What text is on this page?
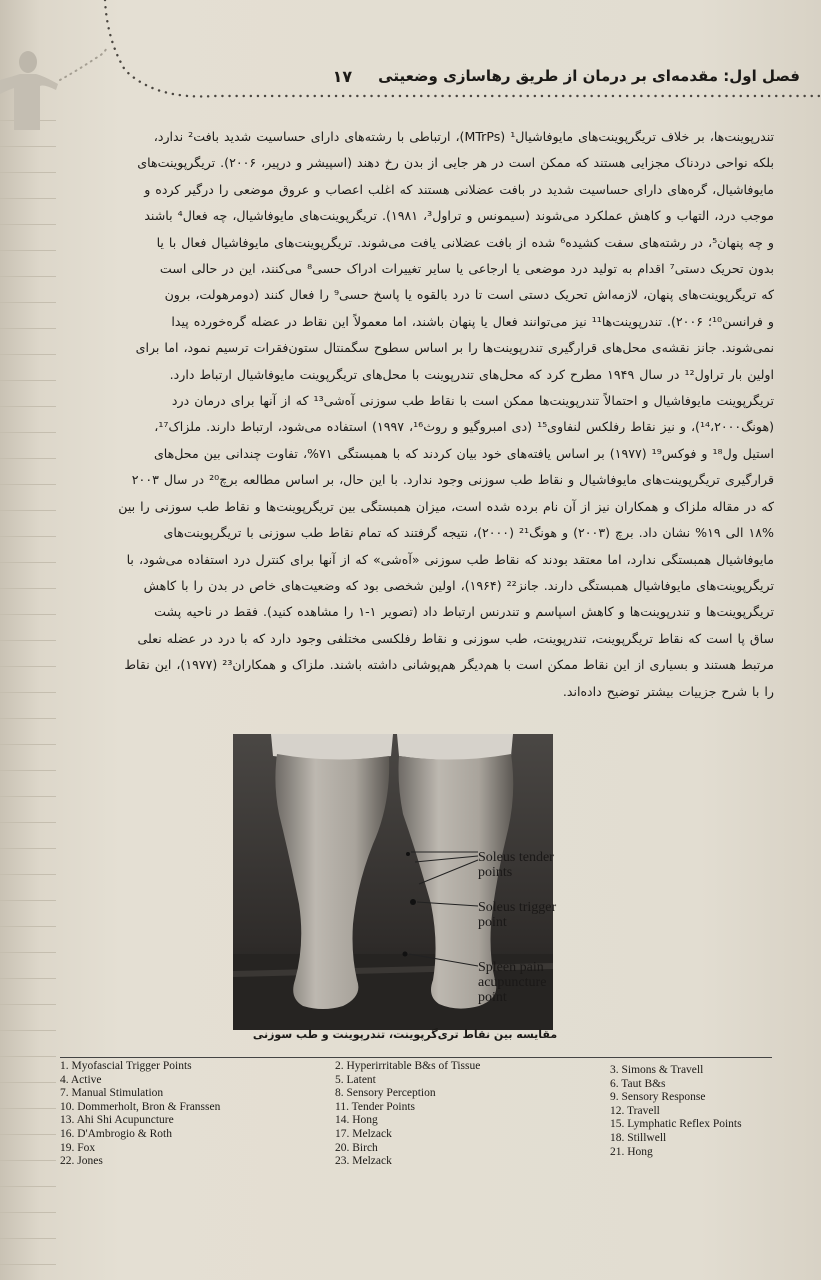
فصل اول: مقدمه‌ای بر درمان از طریق رهاسازی وضعیتی
۱۷

تندرپوینت‌ها، بر خلاف تریگرپوینت‌های مایوفاشیال¹ (MTrPs)، ارتباطی با رشته‌های دارای حساسیت شدید بافت² ندارد،

بلکه نواحی دردناک مجزایی هستند که ممکن است در هر جایی از بدن رخ دهند (اسپیشر و درپیر، ۲۰۰۶). تریگرپوینت‌های

مایوفاشیال، گره‌های دارای حساسیت شدید در بافت عضلانی هستند که اغلب اعصاب و عروق موضعی را درگیر کرده و

موجب درد، التهاب و کاهش عملکرد می‌شوند (سیمونس و تراول³، ۱۹۸۱). تریگرپوینت‌های مایوفاشیال، چه فعال⁴ باشند

و چه پنهان⁵، در رشته‌های سفت کشیده⁶ شده از بافت عضلانی یافت می‌شوند. تریگرپوینت‌های مایوفاشیال فعال با یا

بدون تحریک دستی⁷ اقدام به تولید درد موضعی یا ارجاعی یا سایر تغییرات ادراک حسی⁸ می‌کنند، این در حالی است

که تریگرپوینت‌های پنهان، لازمه‌اش تحریک دستی است تا درد بالقوه یا پاسخ حسی⁹ را فعال کنند (دومرهولت، برون

و فرانسن¹⁰؛ ۲۰۰۶). تندرپوینت‌ها¹¹ نیز می‌توانند فعال یا پنهان باشند، اما معمولاً این نقاط در عضله گره‌خورده پیدا

نمی‌شوند. جانز نقشه‌ی محل‌های قرارگیری تندرپوینت‌ها را بر اساس سطوح سگمنتال ستون‌فقرات ترسیم نمود، اما برای

اولین بار تراول¹² در سال ۱۹۴۹ مطرح کرد که محل‌های تندرپوینت با محل‌های تریگرپوینت مایوفاشیال ارتباط دارد.

تریگرپوینت مایوفاشیال و احتمالاً تندرپوینت‌ها ممکن است با نقاط طب سوزنی آه‌شی¹³ که از آنها برای درمان درد

(هونگ¹⁴،۲۰۰۰)، و نیز نقاط رفلکس لنفاوی¹⁵ (دی امبروگیو و روث¹⁶، ۱۹۹۷) استفاده می‌شود، ارتباط دارند. ملزاک¹⁷،

استیل ول¹⁸ و فوکس¹⁹ (۱۹۷۷) بر اساس یافته‌های خود بیان کردند که با همبستگی ۷۱%، تفاوت چندانی بین محل‌های

قرارگیری تریگرپوینت‌های مایوفاشیال و نقاط طب سوزنی وجود ندارد. با این حال، بر اساس مطالعه برچ²⁰ در سال ۲۰۰۳

که در مقاله ملزاک و همکاران نیز از آن نام برده شده است، میزان همبستگی بین تریگرپوینت‌ها و نقاط طب سوزنی را بین

۱۸% الی ۱۹% نشان داد. برچ (۲۰۰۳) و هونگ²¹ (۲۰۰۰)، نتیجه گرفتند که تمام نقاط طب سوزنی با تریگرپوینت‌های

مایوفاشیال همبستگی ندارد، اما معتقد بودند که نقاط طب سوزنی «آه‌شی» که از آنها برای کنترل درد استفاده می‌شود، با

تریگرپوینت‌های مایوفاشیال همبستگی دارند. جانز²² (۱۹۶۴)، اولین شخصی بود که وضعیت‌های خاص در بدن را با کاهش

تریگرپوینت‌ها و تندرپوینت‌ها و کاهش اسپاسم و تندرنس ارتباط داد (تصویر ۱-۱ را مشاهده کنید). فقط در ناحیه پشت

ساق پا است که نقاط تریگرپوینت، تندرپوینت، طب سوزنی و نقاط رفلکسی مختلفی وجود دارد که با درد در عضله نعلی

مرتبط هستند و بسیاری از این نقاط ممکن است با هم‌دیگر هم‌پوشانی داشته باشند. ملزاک و همکاران²³ (۱۹۷۷)، این نقاط

را با شرح جزییات بیشتر توضیح داده‌اند.

Soleus tender points
Soleus trigger point
Spleen pain acupuncture point
مقایسه بین نقاط تری‌گرپوینت، تندرپوینت و طب سوزنی
1. Myofascial Trigger Points
4. Active
7. Manual Stimulation
10. Dommerholt, Bron & Franssen
13. Ahi Shi Acupuncture
16. D'Ambrogio & Roth
19. Fox
22. Jones
2. Hyperirritable B&s of Tissue
5. Latent
8. Sensory Perception
11. Tender Points
14. Hong
17. Melzack
20. Birch
23. Melzack
3. Simons & Travell
6. Taut B&s
9. Sensory Response
12. Travell
15. Lymphatic Reflex Points
18. Stillwell
21. Hong
